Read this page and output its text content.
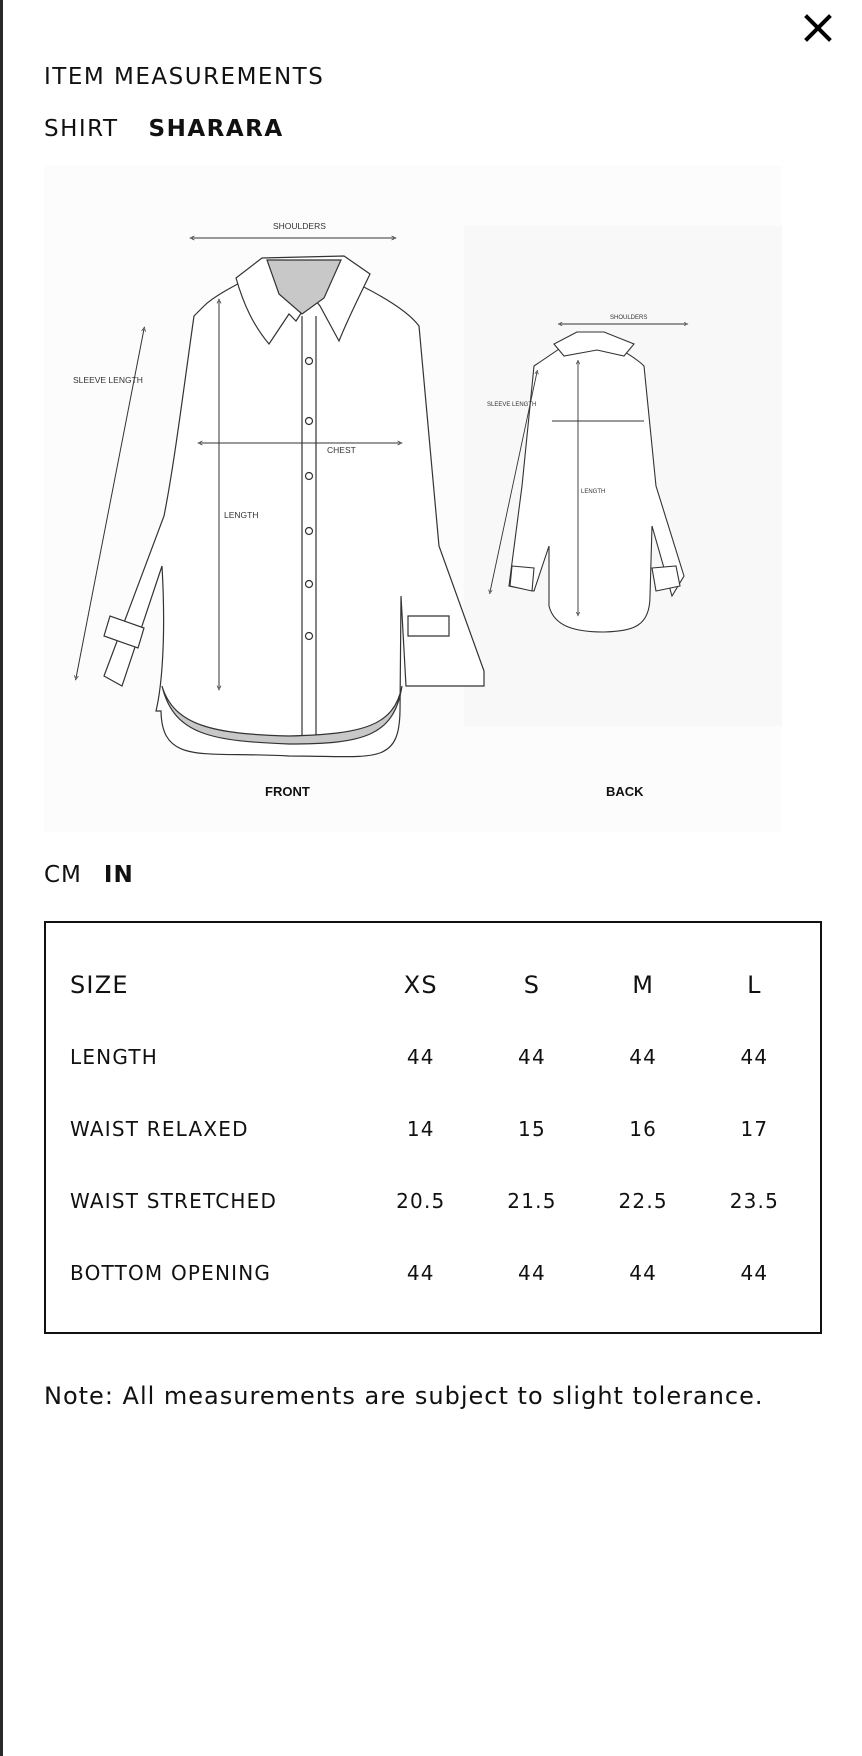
ITEM MEASUREMENTS
SHIRT SHARARA
SHOULDERS
SLEEVE LENGTH
CHEST
LENGTH
SHOULDERS
SLEEVE LENGTH
LENGTH
FRONT	BACK
CM IN
SIZE	XS	S	M	L
LENGTH	44	44	44	44
WAIST RELAXED	14	15	16	17
WAIST STRETCHED	20.5	21.5	22.5	23.5
BOTTOM OPENING	44	44	44	44
Note: All measurements are subject to slight tolerance.
